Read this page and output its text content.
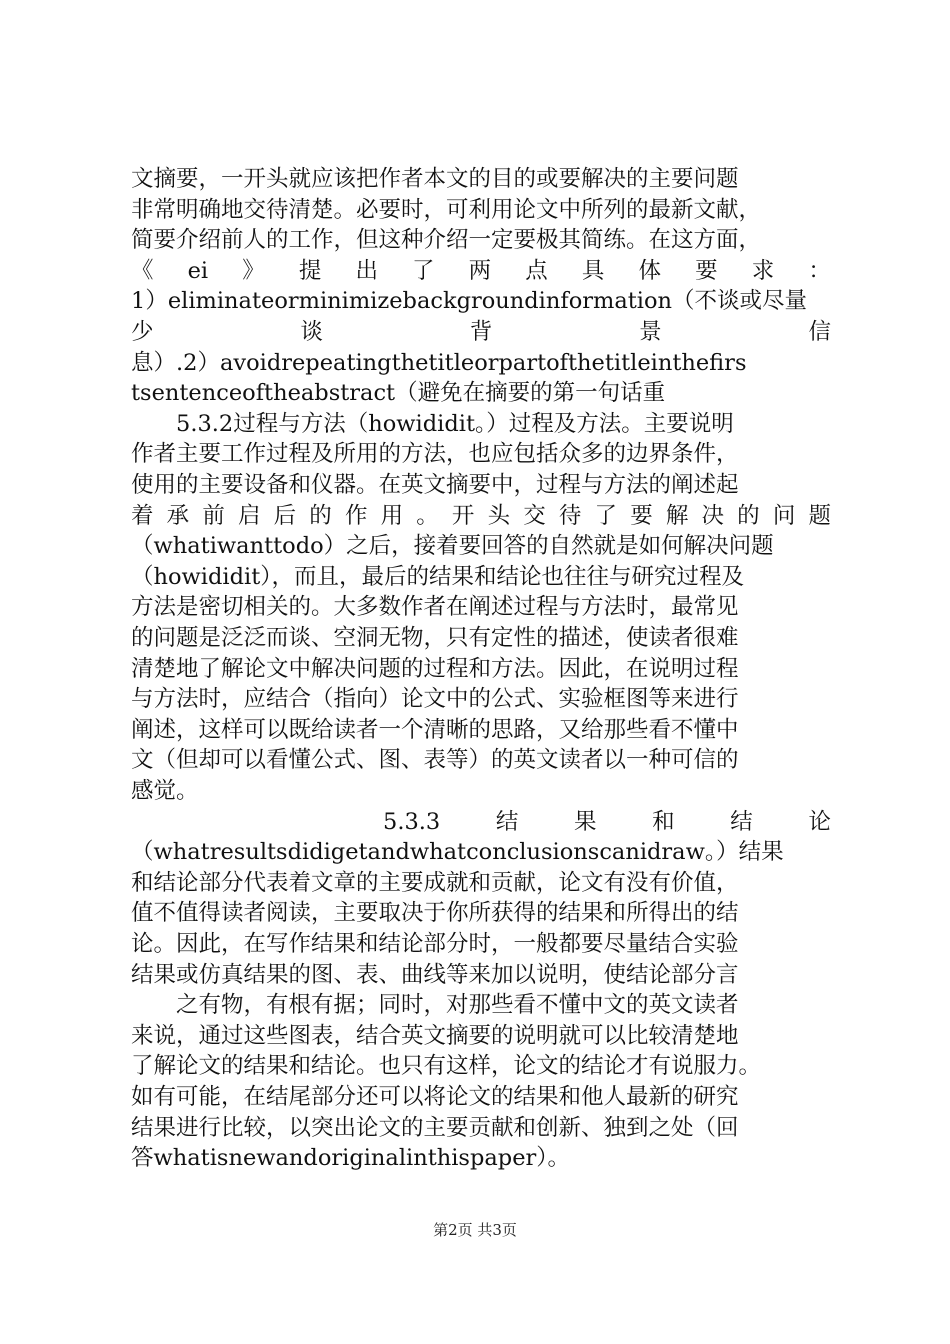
文摘要，一开头就应该把作者本文的目的或要解决的主要问题
非常明确地交待清楚。必要时，可利用论文中所列的最新文献，
简要介绍前人的工作，但这种介绍一定要极其简练。在这方面，
《 ei 》 提 出 了 两 点 具 体 要 求 ：
1）eliminateorminimizebackgroundinformation（不谈或尽量
少	谈	背	景	信
息）.2）avoidrepeatingthetitleorpartofthetitleinthefirs
tsentenceoftheabstract（避免在摘要的第一句话重
　　5.3.2过程与方法（howididit。）过程及方法。主要说明
作者主要工作过程及所用的方法，也应包括众多的边界条件，
使用的主要设备和仪器。在英文摘要中，过程与方法的阐述起
着 承 前 启 后 的 作 用 。 开 头 交 待 了 要 解 决 的 问 题
（whatiwanttodo）之后，接着要回答的自然就是如何解决问题
（howididit），而且，最后的结果和结论也往往与研究过程及
方法是密切相关的。大多数作者在阐述过程与方法时，最常见
的问题是泛泛而谈、空洞无物，只有定性的描述，使读者很难
清楚地了解论文中解决问题的过程和方法。因此，在说明过程
与方法时，应结合（指向）论文中的公式、实验框图等来进行
阐述，这样可以既给读者一个清晰的思路，又给那些看不懂中
文（但却可以看懂公式、图、表等）的英文读者以一种可信的
感觉。
5.3.3 结 果 和 结 论
（whatresultsdidigetandwhatconclusionscanidraw。）结果
和结论部分代表着文章的主要成就和贡献，论文有没有价值，
值不值得读者阅读，主要取决于你所获得的结果和所得出的结
论。因此，在写作结果和结论部分时，一般都要尽量结合实验
结果或仿真结果的图、表、曲线等来加以说明，使结论部分言
　　之有物，有根有据；同时，对那些看不懂中文的英文读者
来说，通过这些图表，结合英文摘要的说明就可以比较清楚地
了解论文的结果和结论。也只有这样，论文的结论才有说服力。
如有可能，在结尾部分还可以将论文的结果和他人最新的研究
结果进行比较，以突出论文的主要贡献和创新、独到之处（回
答whatisnewandoriginalinthispaper）。
第2页 共3页
